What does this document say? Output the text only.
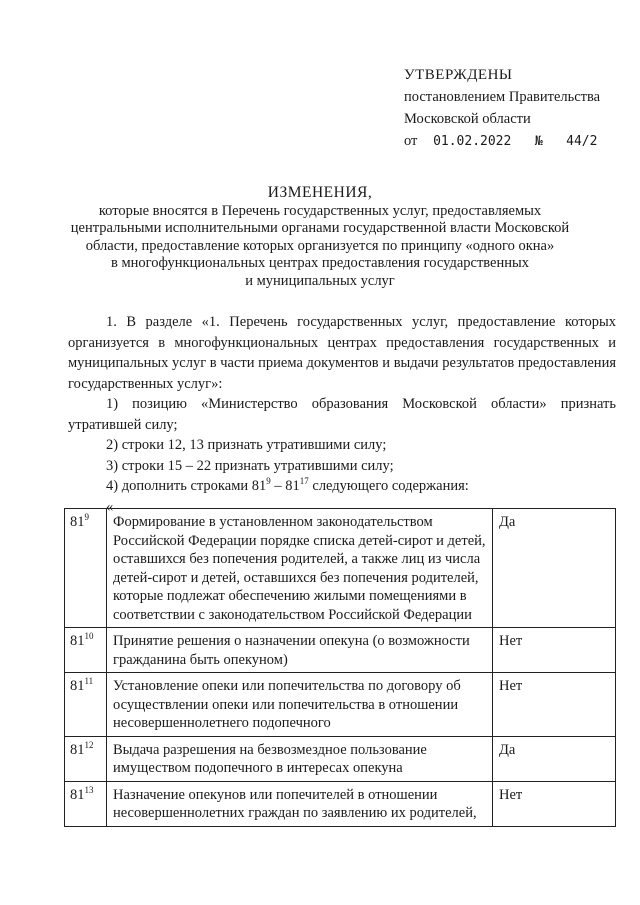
УТВЕРЖДЕНЫ
постановлением Правительства
Московской области
от 01.02.2022 № 44/2
ИЗМЕНЕНИЯ,
которые вносятся в Перечень государственных услуг, предоставляемых
центральными исполнительными органами государственной власти Московской
области, предоставление которых организуется по принципу «одного окна»
в многофункциональных центрах предоставления государственных
и муниципальных услуг

1. В разделе «1. Перечень государственных услуг, предоставление которых организуется в многофункциональных центрах предоставления государственных и муниципальных услуг в части приема документов и выдачи результатов предоставления государственных услуг»:

1) позицию «Министерство образования Московской области» признать утратившей силу;

2) строки 12, 13 признать утратившими силу;

3) строки 15 – 22 признать утратившими силу;

4) дополнить строками $81^9 - 81^{17}$ следующего содержания:

«

$81^9$	Формирование в установленном законодательством Российской Федерации порядке списка детей-сирот и детей, оставшихся без попечения родителей, а также лиц из числа детей-сирот и детей, оставшихся без попечения родителей, которые подлежат обеспечению жилыми помещениями в соответствии с законодательством Российской Федерации	Да
$81^{10}$	Принятие решения о назначении опекуна (о возможности гражданина быть опекуном)	Нет
$81^{11}$	Установление опеки или попечительства по договору об осуществлении опеки или попечительства в отношении несовершеннолетнего подопечного	Нет
$81^{12}$	Выдача разрешения на безвозмездное пользование имуществом подопечного в интересах опекуна	Да
$81^{13}$	Назначение опекунов или попечителей в отношении несовершеннолетних граждан по заявлению их родителей,	Нет
